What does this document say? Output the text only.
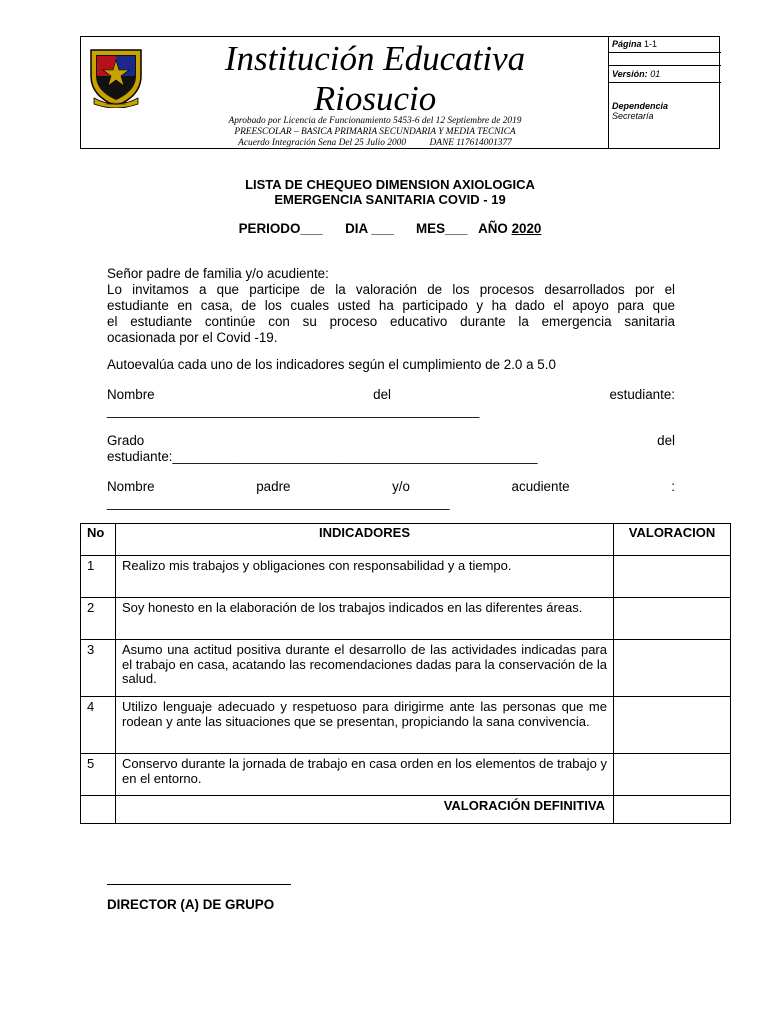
RIOSUCIO
Institución Educativa
Riosucio
Aprobado por Licencia de Funcionamiento 5453-6 del 12 Septiembre de 2019
PREESCOLAR – BASICA PRIMARIA SECUNDARIA Y MEDIA TECNICA
Acuerdo Integración Sena Del 25 Julio 2000          DANE 117614001377
Página 1-1
Versión: 01
Dependencia
Secretaría
LISTA DE CHEQUEO DIMENSION AXIOLOGICA
EMERGENCIA SANITARIA COVID - 19
PERIODO___ DIA ___ MES___ AÑO 2020
Señor padre de familia y/o acudiente:
Lo invitamos a que participe de la valoración de los procesos desarrollados por el
estudiante en casa, de los cuales usted ha participado y ha dado el apoyo para que
el estudiante continúe con su proceso educativo durante la emergencia sanitaria
ocasionada por el Covid -19.
Autoevalúa cada uno de los indicadores según el cumplimiento de 2.0 a 5.0
Nombre	del	estudiante:
__________________________________________________
Grado	del
estudiante:_________________________________________________
Nombre	padre	y/o	acudiente	:
______________________________________________
No	INDICADORES	VALORACION
1	Realizo mis trabajos y obligaciones con responsabilidad y a tiempo.	
2	Soy honesto en la elaboración de los trabajos indicados en las diferentes áreas.	
3	Asumo una actitud positiva durante el desarrollo de las actividades indicadas para el trabajo en casa, acatando las recomendaciones dadas para la conservación de la salud.	
4	Utilizo lenguaje adecuado y respetuoso para dirigirme ante las personas que me rodean y ante las situaciones que se presentan, propiciando la sana convivencia.	
5	Conservo durante la jornada de trabajo en casa orden en los elementos de trabajo y en el entorno.	
	VALORACIÓN DEFINITIVA	
DIRECTOR (A) DE GRUPO
